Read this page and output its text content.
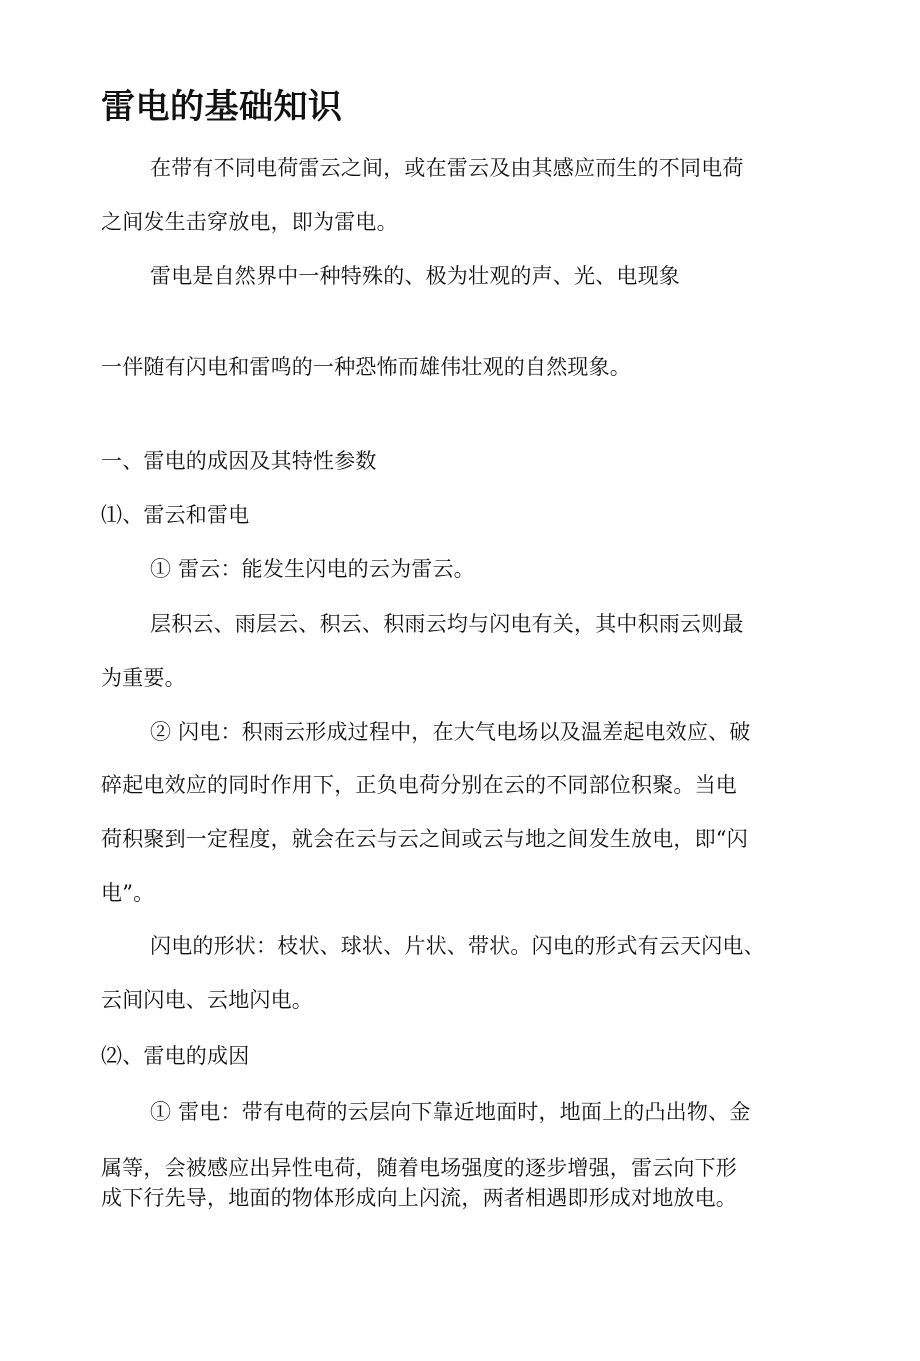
雷电的基础知识

在带有不同电荷雷云之间，或在雷云及由其感应而生的不同电荷

之间发生击穿放电，即为雷电。

雷电是自然界中一种特殊的、极为壮观的声、光、电现象

一伴随有闪电和雷鸣的一种恐怖而雄伟壮观的自然现象。

一、雷电的成因及其特性参数
⑴、雷云和雷电

① 雷云：能发生闪电的云为雷云。

层积云、雨层云、积云、积雨云均与闪电有关，其中积雨云则最

为重要。

② 闪电：积雨云形成过程中，在大气电场以及温差起电效应、破

碎起电效应的同时作用下，正负电荷分别在云的不同部位积聚。当电

荷积聚到一定程度，就会在云与云之间或云与地之间发生放电，即“闪

电”。

闪电的形状：枝状、球状、片状、带状。闪电的形式有云天闪电、

云间闪电、云地闪电。

⑵、雷电的成因

① 雷电：带有电荷的云层向下靠近地面时，地面上的凸出物、金

属等，会被感应出异性电荷，随着电场强度的逐步增强，雷云向下形

成下行先导，地面的物体形成向上闪流，两者相遇即形成对地放电。
